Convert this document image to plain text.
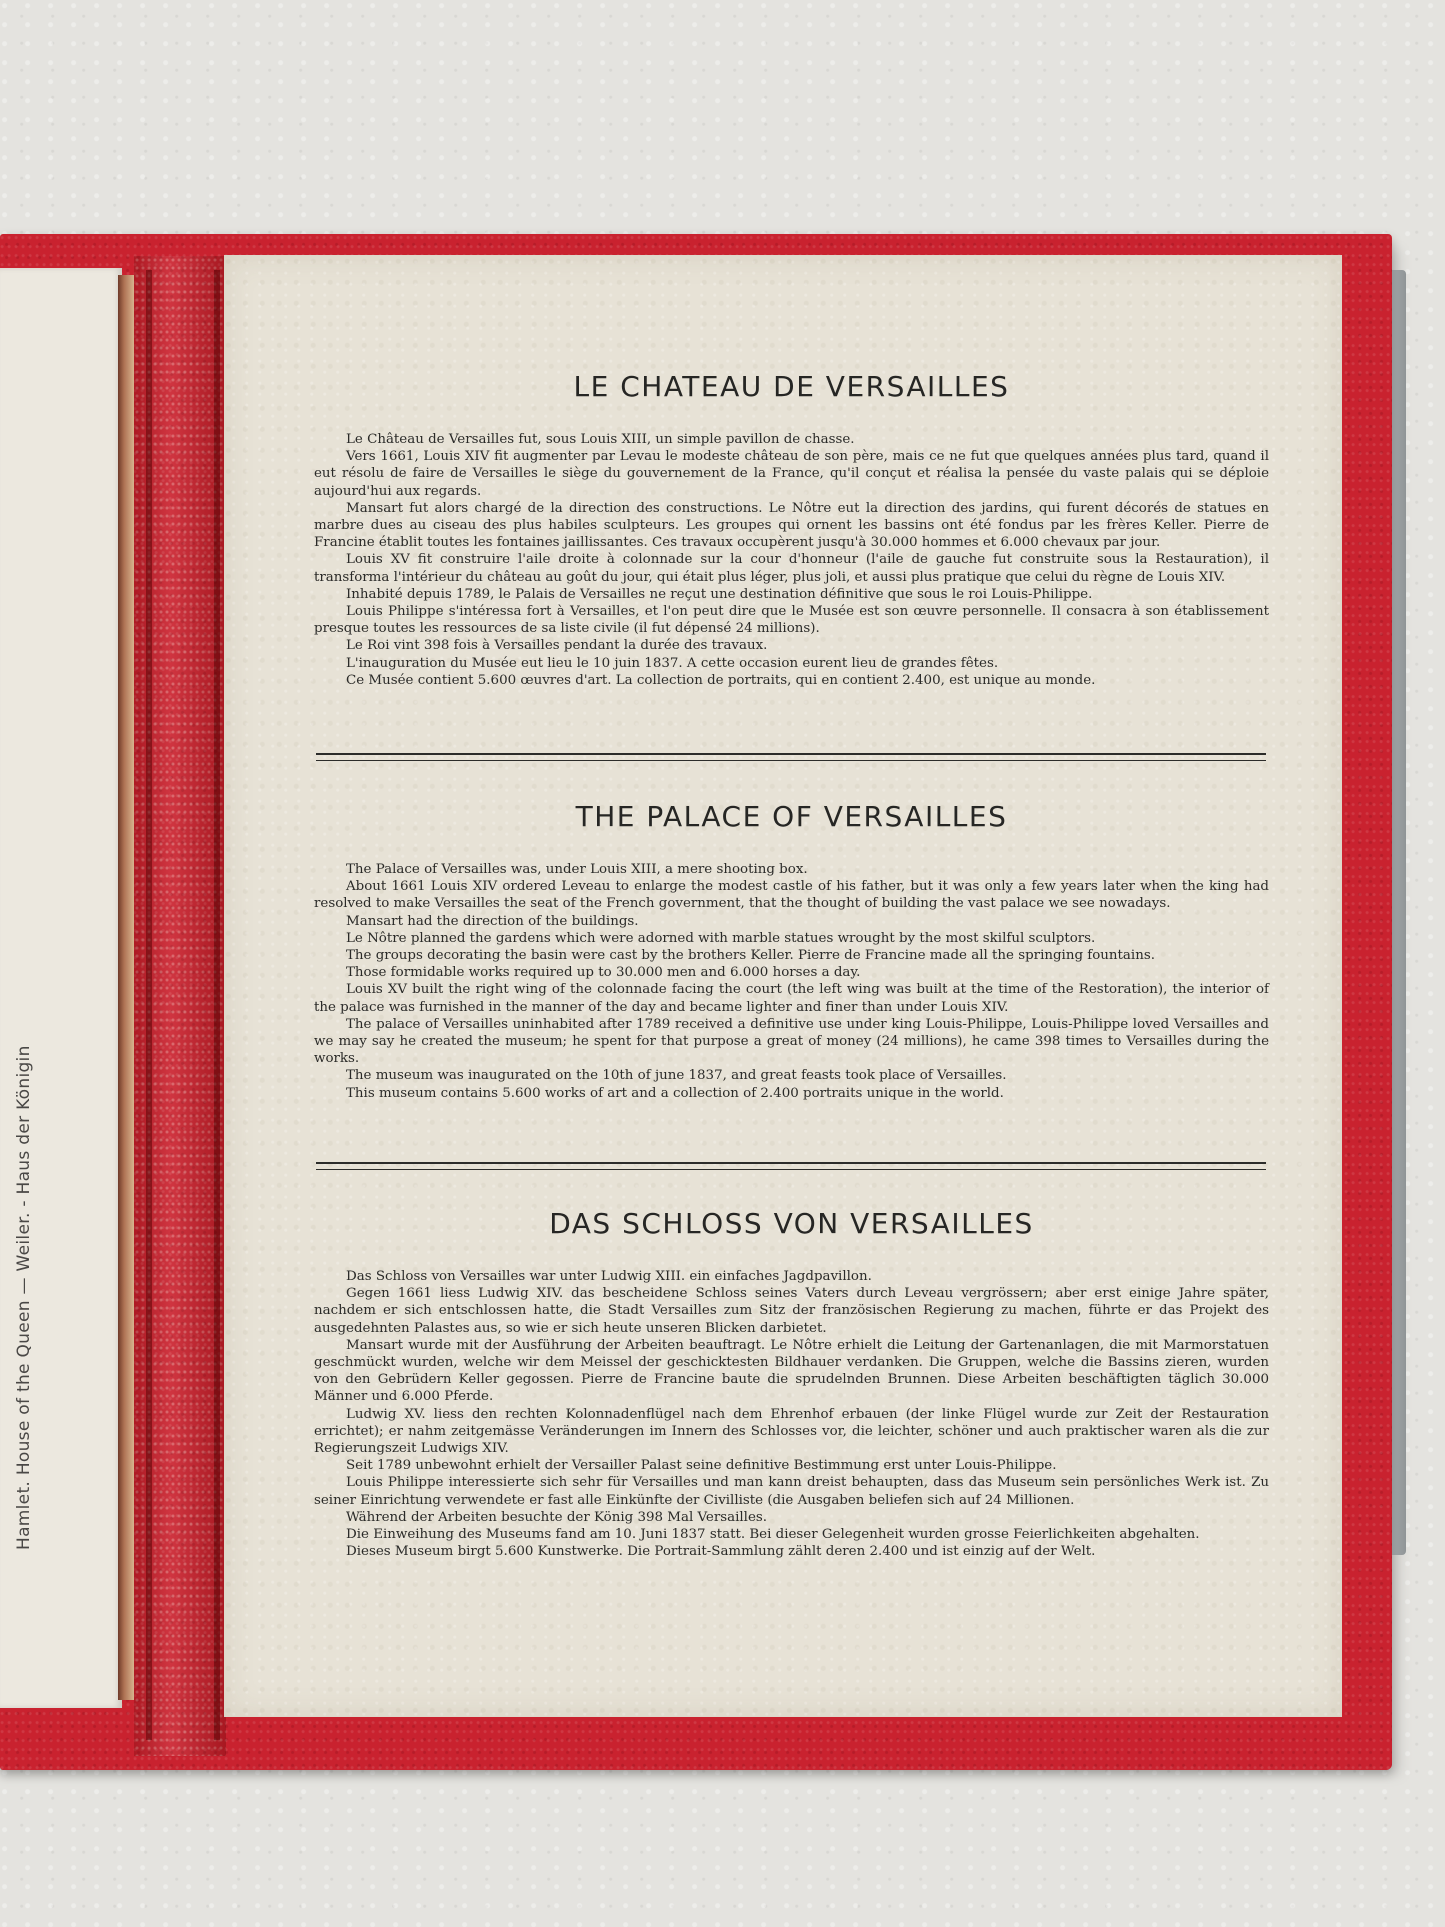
Hamlet. House of the Queen — Weiler. - Haus der Königin
LE CHATEAU DE VERSAILLES

Le Château de Versailles fut, sous Louis XIII, un simple pavillon de chasse.

Vers 1661, Louis XIV fit augmenter par Levau le modeste château de son père, mais ce ne fut que quelques années plus tard, quand il eut résolu de faire de Versailles le siège du gouvernement de la France, qu'il conçut et réalisa la pensée du vaste palais qui se déploie aujourd'hui aux regards.

Mansart fut alors chargé de la direction des constructions. Le Nôtre eut la direction des jardins, qui furent décorés de statues en marbre dues au ciseau des plus habiles sculpteurs. Les groupes qui ornent les bassins ont été fondus par les frères Keller. Pierre de Francine établit toutes les fontaines jaillissantes. Ces travaux occupèrent jusqu'à 30.000 hommes et 6.000 chevaux par jour.

Louis XV fit construire l'aile droite à colonnade sur la cour d'honneur (l'aile de gauche fut construite sous la Restauration), il transforma l'intérieur du château au goût du jour, qui était plus léger, plus joli, et aussi plus pratique que celui du règne de Louis XIV.

Inhabité depuis 1789, le Palais de Versailles ne reçut une destination définitive que sous le roi Louis-Philippe.

Louis Philippe s'intéressa fort à Versailles, et l'on peut dire que le Musée est son œuvre personnelle. Il consacra à son établissement presque toutes les ressources de sa liste civile (il fut dépensé 24 millions).

Le Roi vint 398 fois à Versailles pendant la durée des travaux.

L'inauguration du Musée eut lieu le 10 juin 1837. A cette occasion eurent lieu de grandes fêtes.

Ce Musée contient 5.600 œuvres d'art. La collection de portraits, qui en contient 2.400, est unique au monde.

THE PALACE OF VERSAILLES

The Palace of Versailles was, under Louis XIII, a mere shooting box.

About 1661 Louis XIV ordered Leveau to enlarge the modest castle of his father, but it was only a few years later when the king had resolved to make Versailles the seat of the French government, that the thought of building the vast palace we see nowadays.

Mansart had the direction of the buildings.

Le Nôtre planned the gardens which were adorned with marble statues wrought by the most skilful sculptors.

The groups decorating the basin were cast by the brothers Keller. Pierre de Francine made all the springing fountains.

Those formidable works required up to 30.000 men and 6.000 horses a day.

Louis XV built the right wing of the colonnade facing the court (the left wing was built at the time of the Restoration), the interior of the palace was furnished in the manner of the day and became lighter and finer than under Louis XIV.

The palace of Versailles uninhabited after 1789 received a definitive use under king Louis-Philippe, Louis-Philippe loved Versailles and we may say he created the museum; he spent for that purpose a great of money (24 millions), he came 398 times to Versailles during the works.

The museum was inaugurated on the 10th of june 1837, and great feasts took place of Versailles.

This museum contains 5.600 works of art and a collection of 2.400 portraits unique in the world.

DAS SCHLOSS VON VERSAILLES

Das Schloss von Versailles war unter Ludwig XIII. ein einfaches Jagdpavillon.

Gegen 1661 liess Ludwig XIV. das bescheidene Schloss seines Vaters durch Leveau vergrössern; aber erst einige Jahre später, nachdem er sich entschlossen hatte, die Stadt Versailles zum Sitz der französischen Regierung zu machen, führte er das Projekt des ausgedehnten Palastes aus, so wie er sich heute unseren Blicken darbietet.

Mansart wurde mit der Ausführung der Arbeiten beauftragt. Le Nôtre erhielt die Leitung der Gartenanlagen, die mit Marmorstatuen geschmückt wurden, welche wir dem Meissel der geschicktesten Bildhauer verdanken. Die Gruppen, welche die Bassins zieren, wurden von den Gebrüdern Keller gegossen. Pierre de Francine baute die sprudelnden Brunnen. Diese Arbeiten beschäftigten täglich 30.000 Männer und 6.000 Pferde.

Ludwig XV. liess den rechten Kolonnadenflügel nach dem Ehrenhof erbauen (der linke Flügel wurde zur Zeit der Restauration errichtet); er nahm zeitgemässe Veränderungen im Innern des Schlosses vor, die leichter, schöner und auch praktischer waren als die zur Regierungszeit Ludwigs XIV.

Seit 1789 unbewohnt erhielt der Versailler Palast seine definitive Bestimmung erst unter Louis-Philippe.

Louis Philippe interessierte sich sehr für Versailles und man kann dreist behaupten, dass das Museum sein persönliches Werk ist. Zu seiner Einrichtung verwendete er fast alle Einkünfte der Civilliste (die Ausgaben beliefen sich auf 24 Millionen.

Während der Arbeiten besuchte der König 398 Mal Versailles.

Die Einweihung des Museums fand am 10. Juni 1837 statt. Bei dieser Gelegenheit wurden grosse Feierlichkeiten abgehalten.

Dieses Museum birgt 5.600 Kunstwerke. Die Portrait-Sammlung zählt deren 2.400 und ist einzig auf der Welt.
